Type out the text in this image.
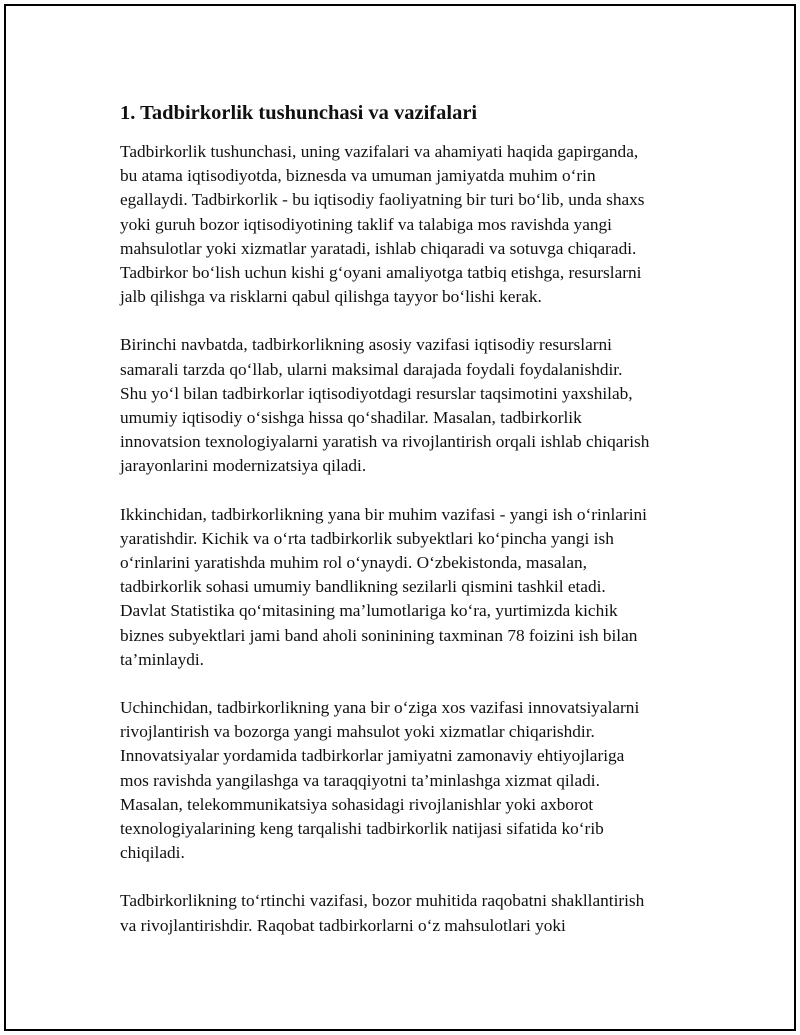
1. Tadbirkorlik tushunchasi va vazifalari

Tadbirkorlik tushunchasi, uning vazifalari va ahamiyati haqida gapirganda,
bu atama iqtisodiyotda, biznesda va umuman jamiyatda muhim o‘rin
egallaydi. Tadbirkorlik - bu iqtisodiy faoliyatning bir turi bo‘lib, unda shaxs
yoki guruh bozor iqtisodiyotining taklif va talabiga mos ravishda yangi
mahsulotlar yoki xizmatlar yaratadi, ishlab chiqaradi va sotuvga chiqaradi.
Tadbirkor bo‘lish uchun kishi g‘oyani amaliyotga tatbiq etishga, resurslarni
jalb qilishga va risklarni qabul qilishga tayyor bo‘lishi kerak.

Birinchi navbatda, tadbirkorlikning asosiy vazifasi iqtisodiy resurslarni
samarali tarzda qo‘llab, ularni maksimal darajada foydali foydalanishdir.
Shu yo‘l bilan tadbirkorlar iqtisodiyotdagi resurslar taqsimotini yaxshilab,
umumiy iqtisodiy o‘sishga hissa qo‘shadilar. Masalan, tadbirkorlik
innovatsion texnologiyalarni yaratish va rivojlantirish orqali ishlab chiqarish
jarayonlarini modernizatsiya qiladi.

Ikkinchidan, tadbirkorlikning yana bir muhim vazifasi - yangi ish o‘rinlarini
yaratishdir. Kichik va o‘rta tadbirkorlik subyektlari ko‘pincha yangi ish
o‘rinlarini yaratishda muhim rol o‘ynaydi. O‘zbekistonda, masalan,
tadbirkorlik sohasi umumiy bandlikning sezilarli qismini tashkil etadi.
Davlat Statistika qo‘mitasining ma’lumotlariga ko‘ra, yurtimizda kichik
biznes subyektlari jami band aholi soninining taxminan 78 foizini ish bilan
ta’minlaydi.

Uchinchidan, tadbirkorlikning yana bir o‘ziga xos vazifasi innovatsiyalarni
rivojlantirish va bozorga yangi mahsulot yoki xizmatlar chiqarishdir.
Innovatsiyalar yordamida tadbirkorlar jamiyatni zamonaviy ehtiyojlariga
mos ravishda yangilashga va taraqqiyotni ta’minlashga xizmat qiladi.
Masalan, telekommunikatsiya sohasidagi rivojlanishlar yoki axborot
texnologiyalarining keng tarqalishi tadbirkorlik natijasi sifatida ko‘rib
chiqiladi.

Tadbirkorlikning to‘rtinchi vazifasi, bozor muhitida raqobatni shakllantirish
va rivojlantirishdir. Raqobat tadbirkorlarni o‘z mahsulotlari yoki
